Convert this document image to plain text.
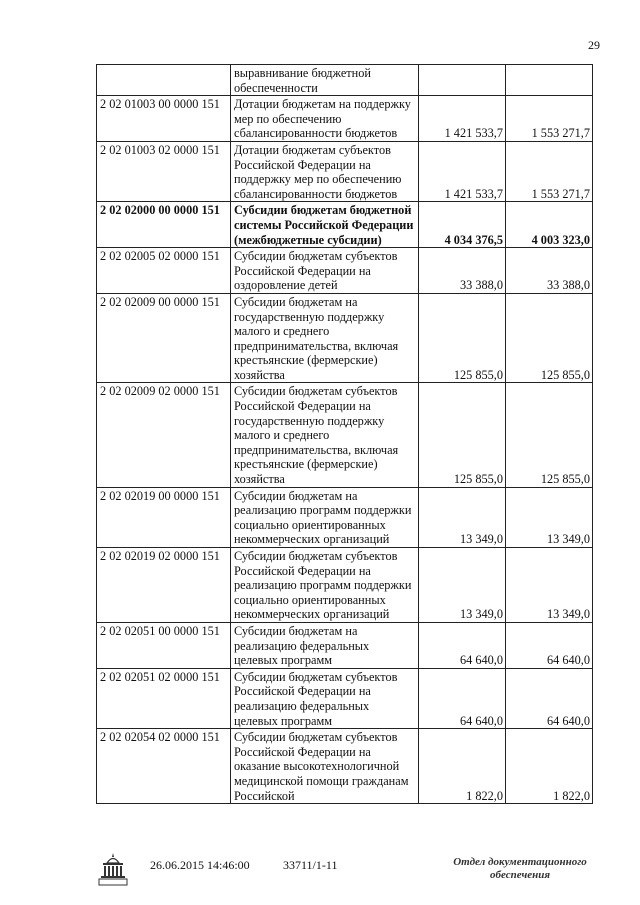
29
	выравнивание бюджетной обеспеченности		
2 02 01003 00 0000 151	Дотации бюджетам на поддержку мер по обеспечению сбалансированности бюджетов	1 421 533,7	1 553 271,7
2 02 01003 02 0000 151	Дотации бюджетам субъектов Российской Федерации на поддержку мер по обеспечению сбалансированности бюджетов	1 421 533,7	1 553 271,7
2 02 02000 00 0000 151	Субсидии бюджетам бюджетной системы Российской Федерации (межбюджетные субсидии)	4 034 376,5	4 003 323,0
2 02 02005 02 0000 151	Субсидии бюджетам субъектов Российской Федерации на оздоровление детей	33 388,0	33 388,0
2 02 02009 00 0000 151	Субсидии бюджетам на государственную поддержку малого и среднего предпринимательства, включая крестьянские (фермерские) хозяйства	125 855,0	125 855,0
2 02 02009 02 0000 151	Субсидии бюджетам субъектов Российской Федерации на государственную поддержку малого и среднего предпринимательства, включая крестьянские (фермерские) хозяйства	125 855,0	125 855,0
2 02 02019 00 0000 151	Субсидии бюджетам на реализацию программ поддержки социально ориентированных некоммерческих организаций	13 349,0	13 349,0
2 02 02019 02 0000 151	Субсидии бюджетам субъектов Российской Федерации на реализацию программ поддержки социально ориентированных некоммерческих организаций	13 349,0	13 349,0
2 02 02051 00 0000 151	Субсидии бюджетам на реализацию федеральных целевых программ	64 640,0	64 640,0
2 02 02051 02 0000 151	Субсидии бюджетам субъектов Российской Федерации на реализацию федеральных целевых программ	64 640,0	64 640,0
2 02 02054 02 0000 151	Субсидии бюджетам субъектов Российской Федерации на оказание высокотехнологичной медицинской помощи гражданам Российской	1 822,0	1 822,0
26.06.2015 14:46:00	33711/1-11	Отдел документационного
обеспечения
